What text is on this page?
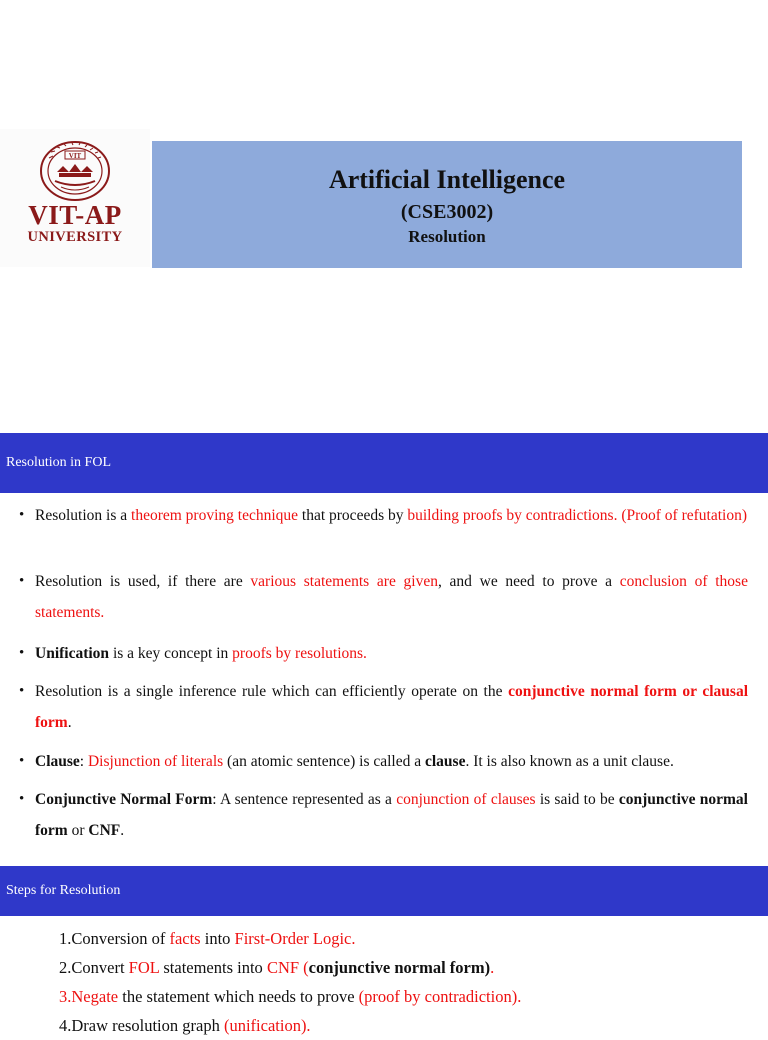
VIT
VIT-AP
UNIVERSITY
Artificial Intelligence
(CSE3002)
Resolution
Resolution in FOL
• Resolution is a theorem proving technique that proceeds by building proofs by contradictions. (Proof of refutation)
• Resolution is used, if there are various statements are given, and we need to prove a conclusion of those statements.
• Unification is a key concept in proofs by resolutions.
• Resolution is a single inference rule which can efficiently operate on the conjunctive normal form or clausal form.
• Clause: Disjunction of literals (an atomic sentence) is called a clause. It is also known as a unit clause.
• Conjunctive Normal Form: A sentence represented as a conjunction of clauses is said to be conjunctive normal form or CNF.
Steps for Resolution
1.Conversion of facts into First-Order Logic.
2.Convert FOL statements into CNF (conjunctive normal form).
3.Negate the statement which needs to prove (proof by contradiction).
4.Draw resolution graph (unification).
